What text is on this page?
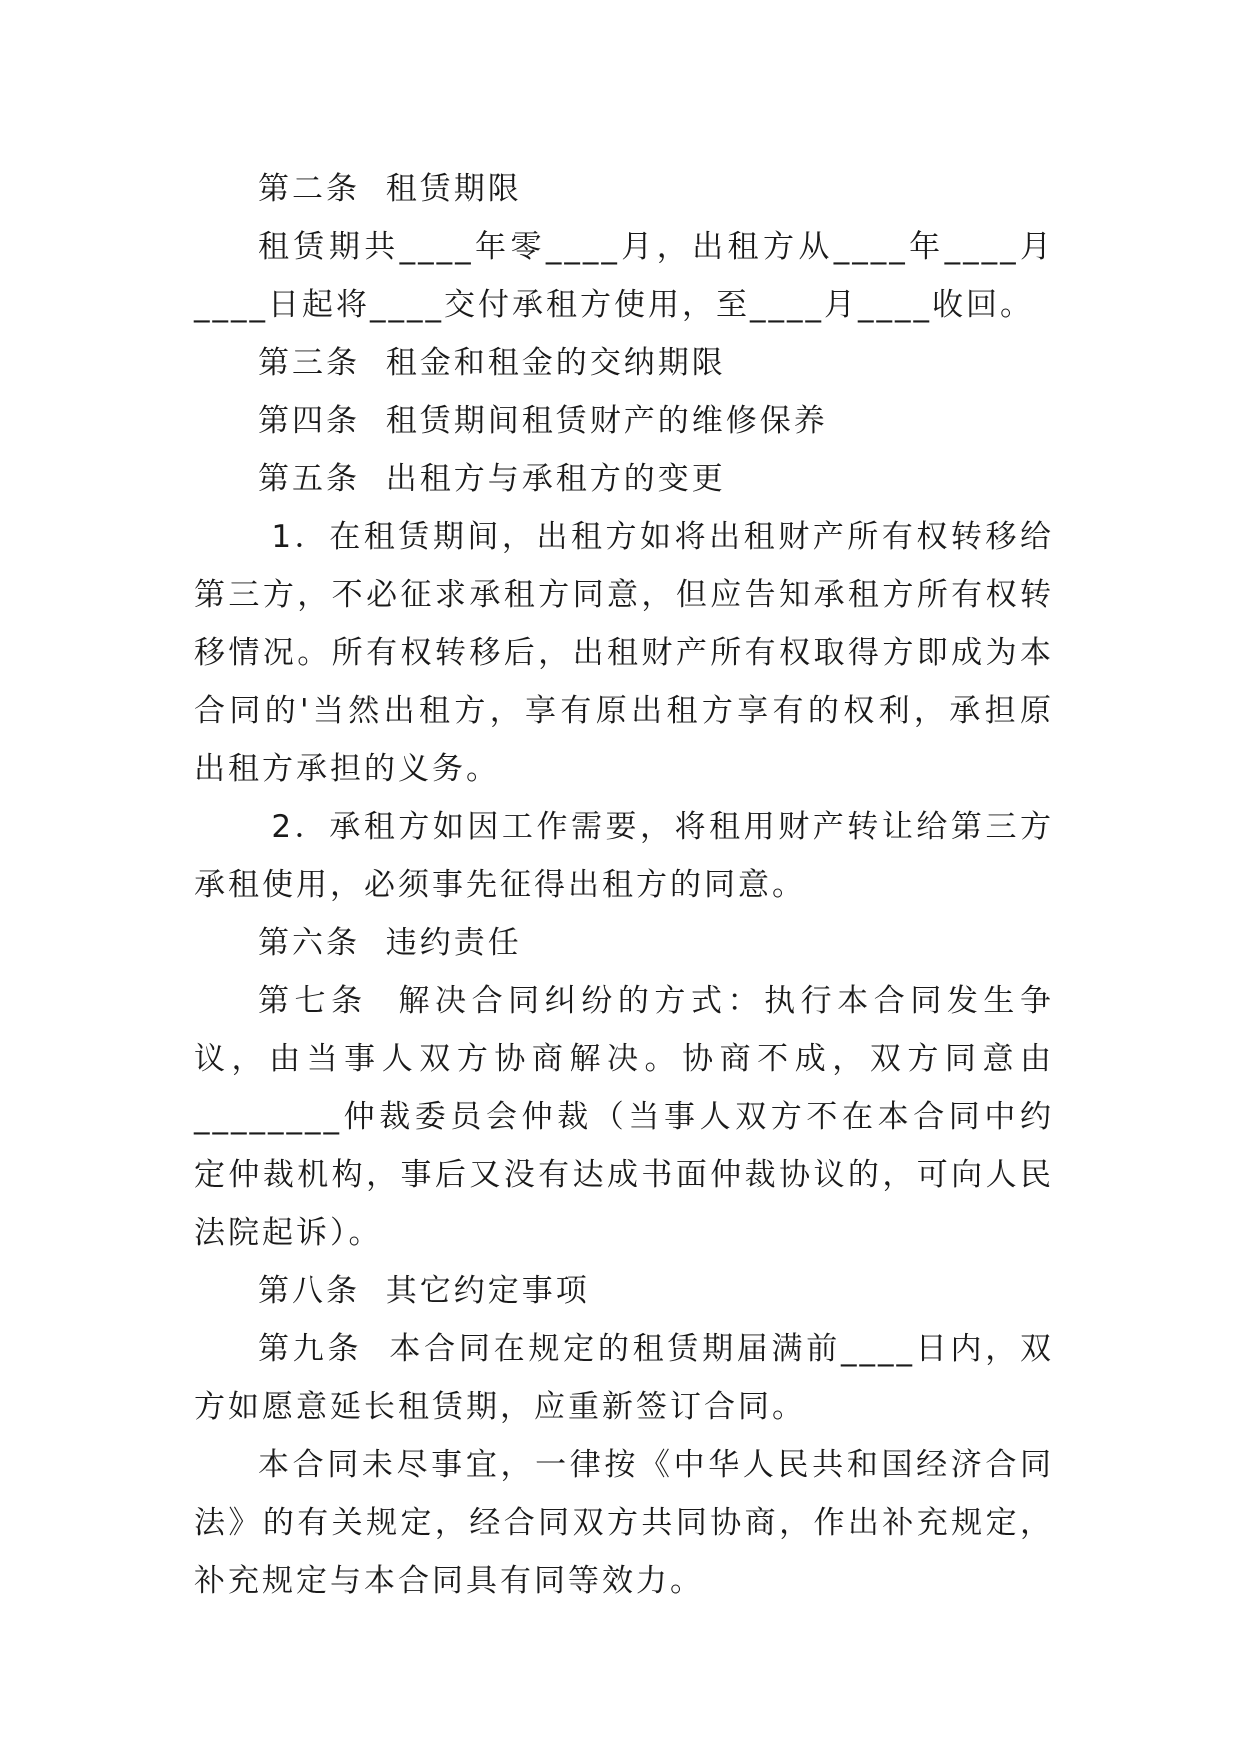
第二条  租赁期限

租赁期共____年零____月，出租方从____年____月____日起将____交付承租方使用，至____月____收回。

第三条  租金和租金的交纳期限

第四条  租赁期间租赁财产的维修保养

第五条  出租方与承租方的变更

1．在租赁期间，出租方如将出租财产所有权转移给第三方，不必征求承租方同意，但应告知承租方所有权转移情况。所有权转移后，出租财产所有权取得方即成为本合同的'当然出租方，享有原出租方享有的权利，承担原出租方承担的义务。

2．承租方如因工作需要，将租用财产转让给第三方承租使用，必须事先征得出租方的同意。

第六条  违约责任

第七条  解决合同纠纷的方式：执行本合同发生争议，由当事人双方协商解决。协商不成，双方同意由________仲裁委员会仲裁（当事人双方不在本合同中约定仲裁机构，事后又没有达成书面仲裁协议的，可向人民法院起诉）。

第八条  其它约定事项

第九条  本合同在规定的租赁期届满前____日内，双方如愿意延长租赁期，应重新签订合同。

本合同未尽事宜，一律按《中华人民共和国经济合同法》的有关规定，经合同双方共同协商，作出补充规定，补充规定与本合同具有同等效力。
